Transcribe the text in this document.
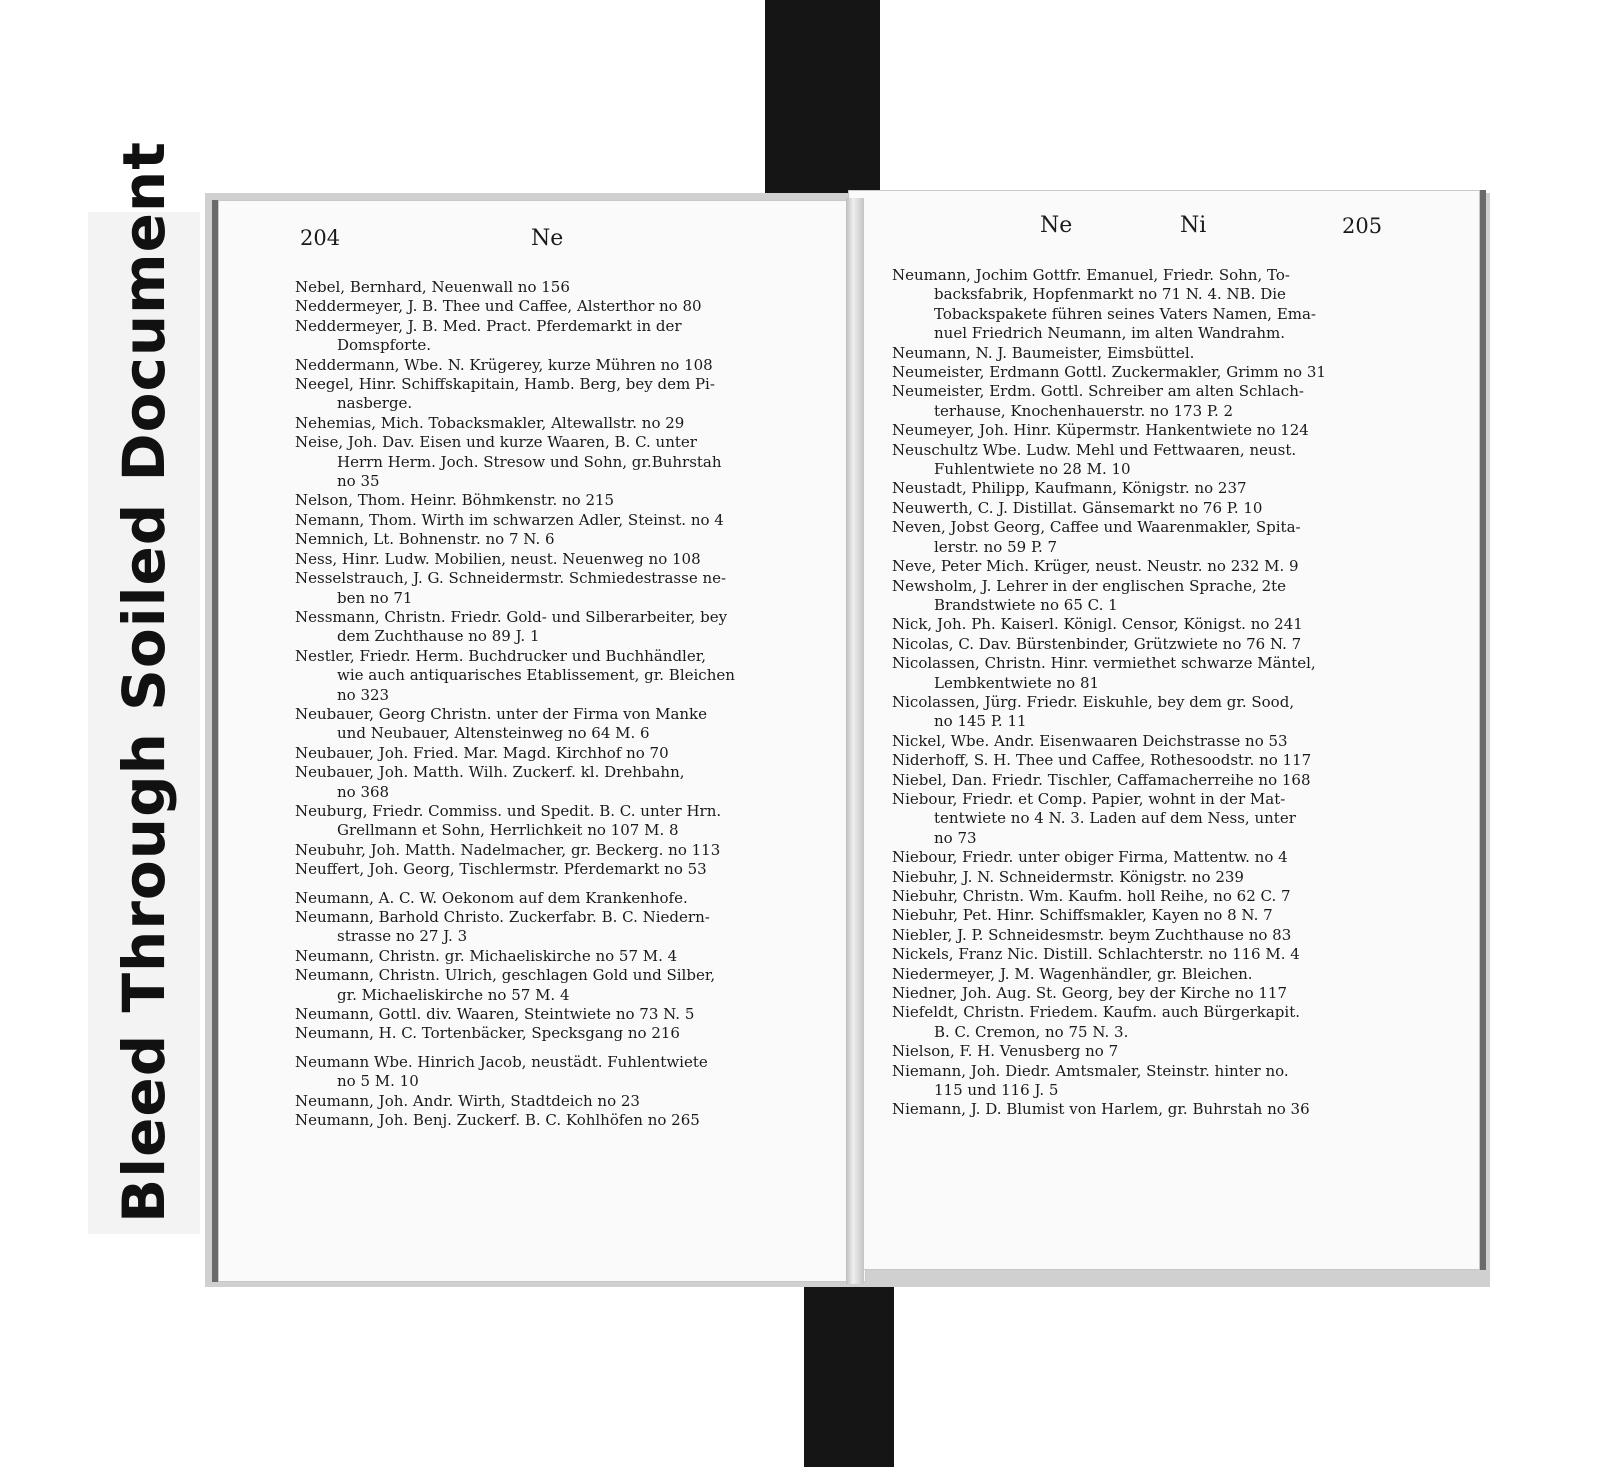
Bleed Through Soiled Document	204	Ne
Ne	Ni	205
Nebel, Bernhard, Neuenwall no 156
Neddermeyer, J. B. Thee und Caffee, Alsterthor no 80
Neddermeyer, J. B. Med. Pract. Pferdemarkt in der
Domspforte.
Neddermann, Wbe. N. Krügerey, kurze Mühren no 108
Neegel, Hinr. Schiffskapitain, Hamb. Berg, bey dem Pi-
nasberge.
Nehemias, Mich. Tobacksmakler, Altewallstr. no 29
Neise, Joh. Dav. Eisen und kurze Waaren, B. C. unter
Herrn Herm. Joch. Stresow und Sohn, gr.Buhrstah
no 35
Nelson, Thom. Heinr. Böhmkenstr. no 215
Nemann, Thom. Wirth im schwarzen Adler, Steinst. no 4
Nemnich, Lt. Bohnenstr. no 7 N. 6
Ness, Hinr. Ludw. Mobilien, neust. Neuenweg no 108
Nesselstrauch, J. G. Schneidermstr. Schmiedestrasse ne-
ben no 71
Nessmann, Christn. Friedr. Gold- und Silberarbeiter, bey
dem Zuchthause no 89 J. 1
Nestler, Friedr. Herm. Buchdrucker und Buchhändler,
wie auch antiquarisches Etablissement, gr. Bleichen
no 323
Neubauer, Georg Christn. unter der Firma von Manke
und Neubauer, Altensteinweg no 64 M. 6
Neubauer, Joh. Fried. Mar. Magd. Kirchhof no 70
Neubauer, Joh. Matth. Wilh. Zuckerf. kl. Drehbahn,
no 368
Neuburg, Friedr. Commiss. und Spedit. B. C. unter Hrn.
Grellmann et Sohn, Herrlichkeit no 107 M. 8
Neubuhr, Joh. Matth. Nadelmacher, gr. Beckerg. no 113
Neuffert, Joh. Georg, Tischlermstr. Pferdemarkt no 53
Neumann, A. C. W. Oekonom auf dem Krankenhofe.
Neumann, Barhold Christo. Zuckerfabr. B. C. Niedern-
strasse no 27 J. 3
Neumann, Christn. gr. Michaeliskirche no 57 M. 4
Neumann, Christn. Ulrich, geschlagen Gold und Silber,
gr. Michaeliskirche no 57 M. 4
Neumann, Gottl. div. Waaren, Steintwiete no 73 N. 5
Neumann, H. C. Tortenbäcker, Specksgang no 216
Neumann Wbe. Hinrich Jacob, neustädt. Fuhlentwiete
no 5 M. 10
Neumann, Joh. Andr. Wirth, Stadtdeich no 23
Neumann, Joh. Benj. Zuckerf. B. C. Kohlhöfen no 265
Neumann, Jochim Gottfr. Emanuel, Friedr. Sohn, To-
backsfabrik, Hopfenmarkt no 71 N. 4. NB. Die
Tobackspakete führen seines Vaters Namen, Ema-
nuel Friedrich Neumann, im alten Wandrahm.
Neumann, N. J. Baumeister, Eimsbüttel.
Neumeister, Erdmann Gottl. Zuckermakler, Grimm no 31
Neumeister, Erdm. Gottl. Schreiber am alten Schlach-
terhause, Knochenhauerstr. no 173 P. 2
Neumeyer, Joh. Hinr. Küpermstr. Hankentwiete no 124
Neuschultz Wbe. Ludw. Mehl und Fettwaaren, neust.
Fuhlentwiete no 28 M. 10
Neustadt, Philipp, Kaufmann, Königstr. no 237
Neuwerth, C. J. Distillat. Gänsemarkt no 76 P. 10
Neven, Jobst Georg, Caffee und Waarenmakler, Spita-
lerstr. no 59 P. 7
Neve, Peter Mich. Krüger, neust. Neustr. no 232 M. 9
Newsholm, J. Lehrer in der englischen Sprache, 2te
Brandstwiete no 65 C. 1
Nick, Joh. Ph. Kaiserl. Königl. Censor, Königst. no 241
Nicolas, C. Dav. Bürstenbinder, Grützwiete no 76 N. 7
Nicolassen, Christn. Hinr. vermiethet schwarze Mäntel,
Lembkentwiete no 81
Nicolassen, Jürg. Friedr. Eiskuhle, bey dem gr. Sood,
no 145 P. 11
Nickel, Wbe. Andr. Eisenwaaren Deichstrasse no 53
Niderhoff, S. H. Thee und Caffee, Rothesoodstr. no 117
Niebel, Dan. Friedr. Tischler, Caffamacherreihe no 168
Niebour, Friedr. et Comp. Papier, wohnt in der Mat-
tentwiete no 4 N. 3. Laden auf dem Ness, unter
no 73
Niebour, Friedr. unter obiger Firma, Mattentw. no 4
Niebuhr, J. N. Schneidermstr. Königstr. no 239
Niebuhr, Christn. Wm. Kaufm. holl Reihe, no 62 C. 7
Niebuhr, Pet. Hinr. Schiffsmakler, Kayen no 8 N. 7
Niebler, J. P. Schneidesmstr. beym Zuchthause no 83
Nickels, Franz Nic. Distill. Schlachterstr. no 116 M. 4
Niedermeyer, J. M. Wagenhändler, gr. Bleichen.
Niedner, Joh. Aug. St. Georg, bey der Kirche no 117
Niefeldt, Christn. Friedem. Kaufm. auch Bürgerkapit.
B. C. Cremon, no 75 N. 3.
Nielson, F. H. Venusberg no 7
Niemann, Joh. Diedr. Amtsmaler, Steinstr. hinter no.
115 und 116 J. 5
Niemann, J. D. Blumist von Harlem, gr. Buhrstah no 36
